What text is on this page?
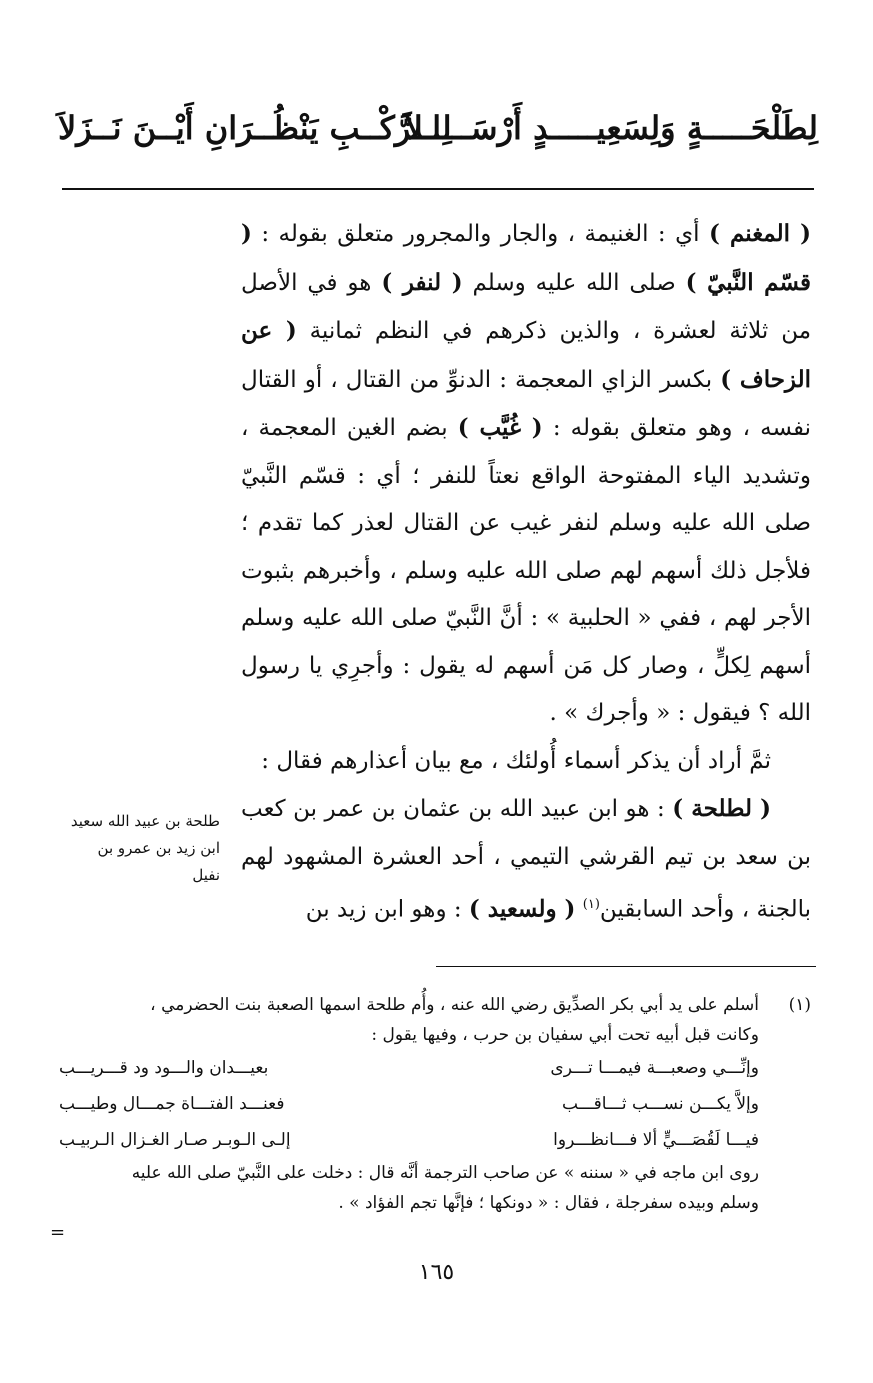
لِطَلْحَـــــةٍ وَلِسَعِيـــــدٍ أَرْسَـــــلاَ
لِلــرَّكْــبِ يَنْظُــرَانِ أَيْــنَ نَــزَلاَ

( المغنم ) أي : الغنيمة ، والجار والمجرور متعلق بقوله : ( قسّم النَّبيّ ) صلى الله عليه وسلم ( لنفر ) هو في الأصل من ثلاثة لعشرة ، والذين ذكرهم في النظم ثمانية ( عن الزحاف ) بكسر الزاي المعجمة : الدنوِّ من القتال ، أو القتال نفسه ، وهو متعلق بقوله : ( غُيَّب ) بضم الغين المعجمة ، وتشديد الياء المفتوحة الواقع نعتاً للنفر ؛ أي : قسّم النَّبيّ صلى الله عليه وسلم لنفر غيب عن القتال لعذر كما تقدم ؛ فلأجل ذلك أسهم لهم صلى الله عليه وسلم ، وأخبرهم بثبوت الأجر لهم ، ففي « الحلبية » : أنَّ النَّبيّ صلى الله عليه وسلم أسهم لِكلٍّ ، وصار كل مَن أسهم له يقول : وأجرِي يا رسول الله ؟ فيقول : « وأجرك » .

ثمَّ أراد أن يذكر أسماء أُولئك ، مع بيان أعذارهم فقال :

( لطلحة ) : هو ابن عبيد الله بن عثمان بن عمر بن كعب بن سعد بن تيم القرشي التيمي ، أحد العشرة المشهود لهم بالجنة ، وأحد السابقين$^{(١)}$ ( ولسعيد ) : وهو ابن زيد بن

طلحة بن عبيد الله سعيد
ابن زيد بن عمرو بن
نفيل
(١)
أسلم على يد أبي بكر الصدِّيق رضي الله عنه ، وأُم طلحة اسمها الصعبة بنت الحضرمي ،
وكانت قبل أبيه تحت أبي سفيان بن حرب ، وفيها يقول :
وإنِّـــي وصعبـــة فيمـــا تـــرى
بعيـــدان والـــود ود قـــريـــب
وإلاَّ يكـــن نســـب ثـــاقـــب
فعنـــد الفتـــاة جمـــال وطيـــب
فيـــا لَقُصَـــيٍّ ألا فـــانظـــروا
إلـى الـوبـر صـار الغـزال الـربيـب
روى ابن ماجه في « سننه » عن صاحب الترجمة أنَّه قال : دخلت على النَّبيّ صلى الله عليه
وسلم وبيده سفرجلة ، فقال : « دونكها ؛ فإنَّها تجم الفؤاد » .
=
١٦٥
